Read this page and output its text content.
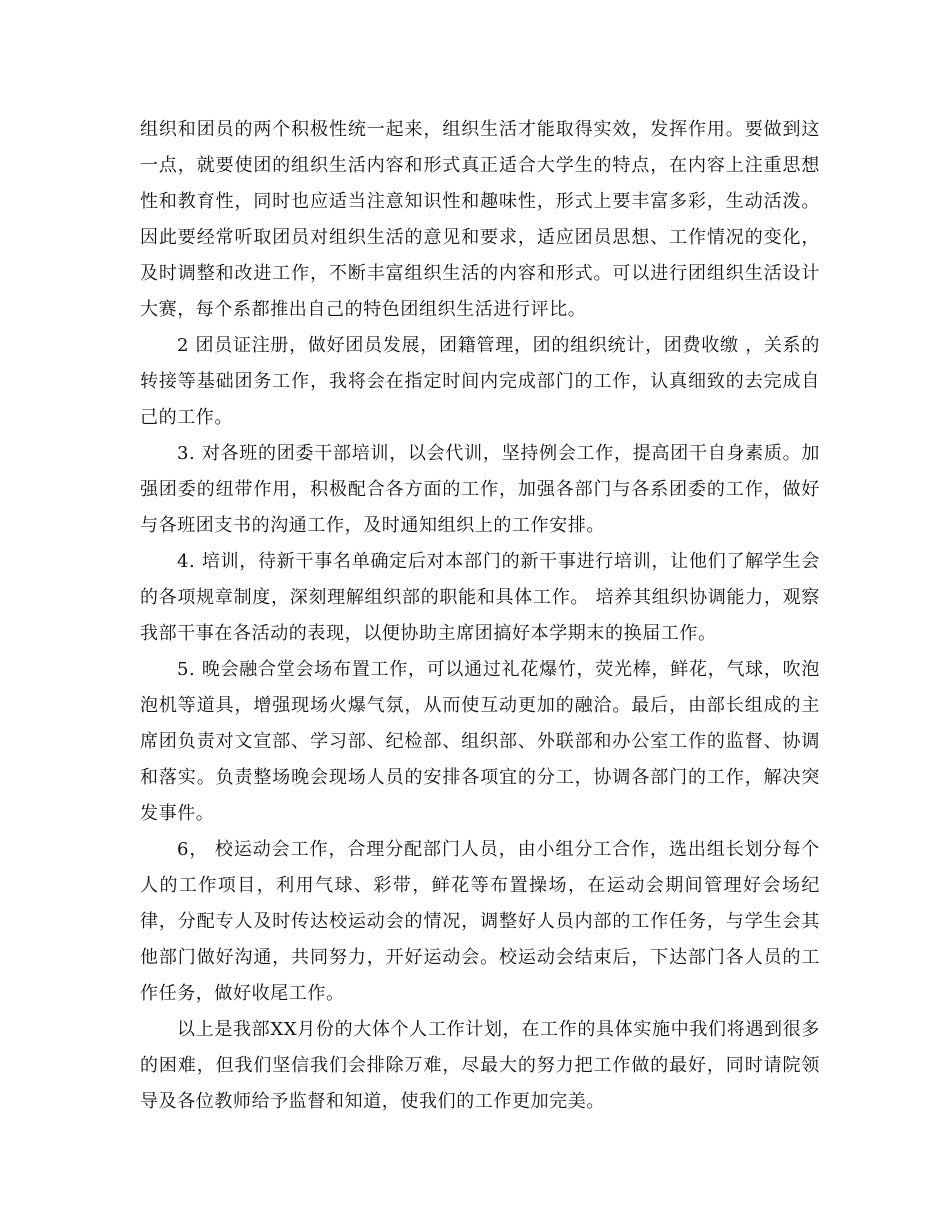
组织和团员的两个积极性统一起来，组织生活才能取得实效，发挥作用。要做到这一点，就要使团的组织生活内容和形式真正适合大学生的特点，在内容上注重思想性和教育性，同时也应适当注意知识性和趣味性，形式上要丰富多彩，生动活泼。因此要经常听取团员对组织生活的意见和要求，适应团员思想、工作情况的变化，及时调整和改进工作，不断丰富组织生活的内容和形式。可以进行团组织生活设计大赛，每个系都推出自己的特色团组织生活进行评比。

2 团员证注册，做好团员发展，团籍管理，团的组织统计，团费收缴 ，关系的转接等基础团务工作，我将会在指定时间内完成部门的工作，认真细致的去完成自己的工作。

3. 对各班的团委干部培训，以会代训，坚持例会工作，提高团干自身素质。加强团委的纽带作用，积极配合各方面的工作，加强各部门与各系团委的工作，做好与各班团支书的沟通工作，及时通知组织上的工作安排。

4. 培训，待新干事名单确定后对本部门的新干事进行培训，让他们了解学生会的各项规章制度，深刻理解组织部的职能和具体工作。 培养其组织协调能力，观察我部干事在各活动的表现，以便协助主席团搞好本学期末的换届工作。

5. 晚会融合堂会场布置工作，可以通过礼花爆竹，荧光棒，鲜花，气球，吹泡泡机等道具，增强现场火爆气氛，从而使互动更加的融洽。最后，由部长组成的主席团负责对文宣部、学习部、纪检部、组织部、外联部和办公室工作的监督、协调和落实。负责整场晚会现场人员的安排各项宜的分工，协调各部门的工作，解决突发事件。

6， 校运动会工作，合理分配部门人员，由小组分工合作，选出组长划分每个人的工作项目，利用气球、彩带，鲜花等布置操场，在运动会期间管理好会场纪律，分配专人及时传达校运动会的情况，调整好人员内部的工作任务，与学生会其他部门做好沟通，共同努力，开好运动会。校运动会结束后，下达部门各人员的工作任务，做好收尾工作。

以上是我部XX月份的大体个人工作计划，在工作的具体实施中我们将遇到很多的困难，但我们坚信我们会排除万难，尽最大的努力把工作做的最好，同时请院领导及各位教师给予监督和知道，使我们的工作更加完美。
